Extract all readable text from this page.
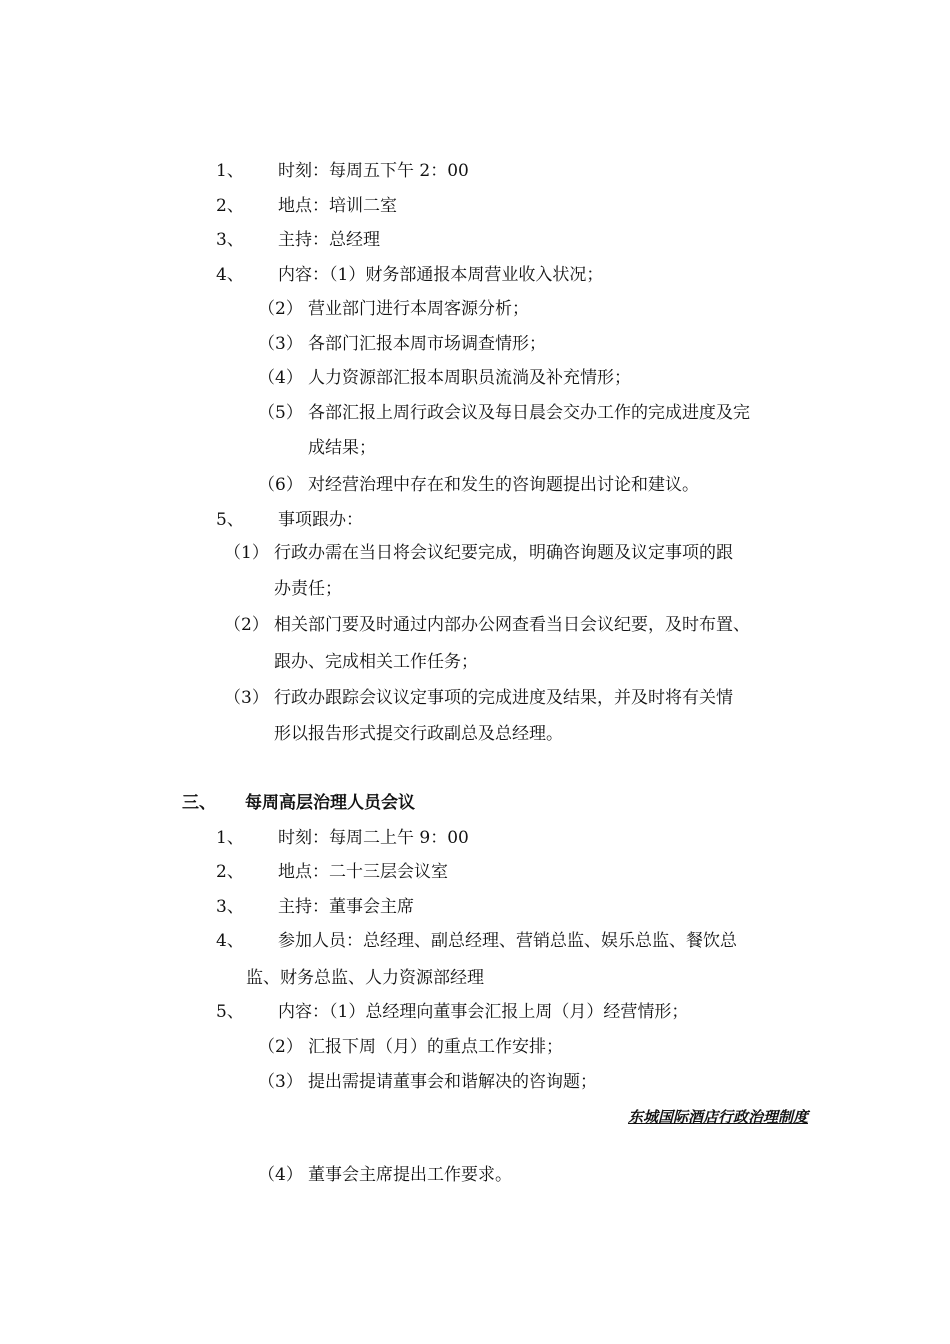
1、 时刻：每周五下午 2：00
2、 地点：培训二室
3、 主持：总经理
4、 内容：（1）财务部通报本周营业收入状况；
（2） 营业部门进行本周客源分析；
（3） 各部门汇报本周市场调查情形；
（4） 人力资源部汇报本周职员流淌及补充情形；
（5） 各部汇报上周行政会议及每日晨会交办工作的完成进度及完
成结果；
（6） 对经营治理中存在和发生的咨询题提出讨论和建议。
5、 事项跟办：
（1） 行政办需在当日将会议纪要完成，明确咨询题及议定事项的跟
办责任；
（2） 相关部门要及时通过内部办公网查看当日会议纪要，及时布置、
跟办、完成相关工作任务；
（3） 行政办跟踪会议议定事项的完成进度及结果，并及时将有关情
形以报告形式提交行政副总及总经理。
三、 每周高层治理人员会议
1、 时刻：每周二上午 9：00
2、 地点：二十三层会议室
3、 主持：董事会主席
4、 参加人员：总经理、副总经理、营销总监、娱乐总监、餐饮总
监、财务总监、人力资源部经理
5、 内容：（1）总经理向董事会汇报上周（月）经营情形；
（2） 汇报下周（月）的重点工作安排；
（3） 提出需提请董事会和谐解决的咨询题；
东城国际酒店行政治理制度
（4） 董事会主席提出工作要求。
